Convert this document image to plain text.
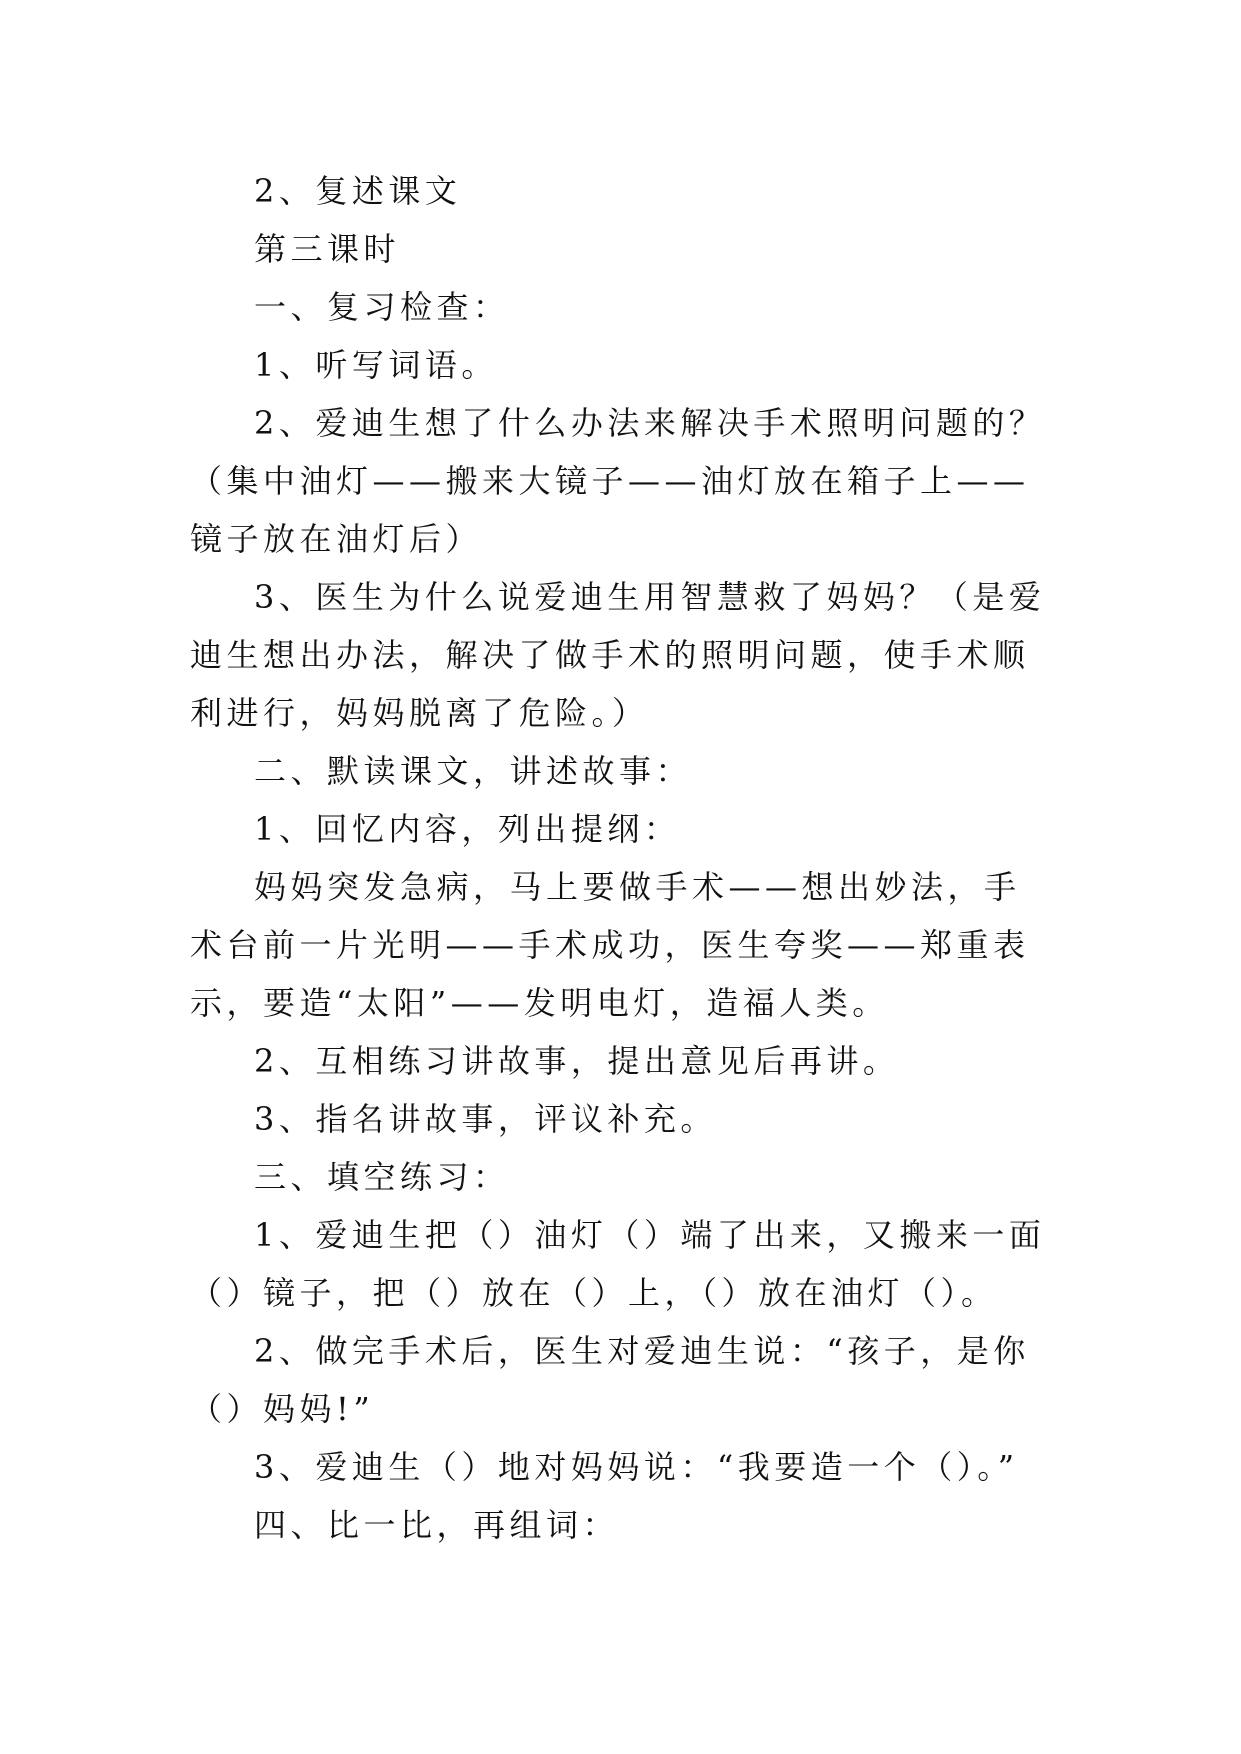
2、复述课文

第三课时

一、复习检查：

1、听写词语。

2、爱迪生想了什么办法来解决手术照明问题的？（集中油灯——搬来大镜子——油灯放在箱子上——镜子放在油灯后）

3、医生为什么说爱迪生用智慧救了妈妈？（是爱迪生想出办法，解决了做手术的照明问题，使手术顺利进行，妈妈脱离了危险。）

二、默读课文，讲述故事：

1、回忆内容，列出提纲：

妈妈突发急病，马上要做手术——想出妙法，手术台前一片光明——手术成功，医生夸奖——郑重表示，要造“太阳”——发明电灯，造福人类。

2、互相练习讲故事，提出意见后再讲。

3、指名讲故事，评议补充。

三、填空练习：

1、爱迪生把（）油灯（）端了出来，又搬来一面（）镜子，把（）放在（）上，（）放在油灯（）。

2、做完手术后，医生对爱迪生说：“孩子，是你（）妈妈!”

3、爱迪生（）地对妈妈说：“我要造一个（）。”

四、比一比，再组词：
